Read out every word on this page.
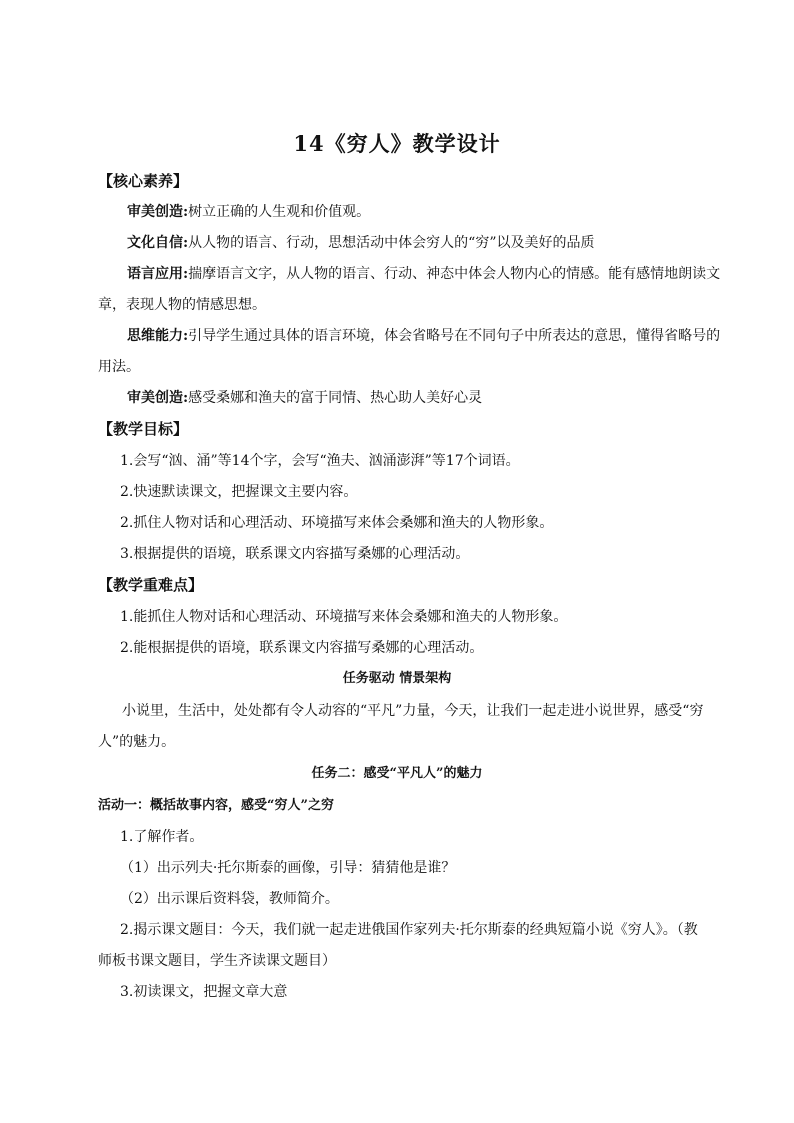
14《穷人》教学设计
【核心素养】
审美创造:树立正确的人生观和价值观。
文化自信:从人物的语言、行动，思想活动中体会穷人的“穷”以及美好的品质
语言应用:揣摩语言文字，从人物的语言、行动、神态中体会人物内心的情感。能有感情地朗读文
章，表现人物的情感思想。
思维能力:引导学生通过具体的语言环境，体会省略号在不同句子中所表达的意思，懂得省略号的
用法。
审美创造:感受桑娜和渔夫的富于同情、热心助人美好心灵
【教学目标】
1.会写“汹、涌”等14个字，会写“渔夫、汹涌澎湃”等17个词语。
2.快速默读课文，把握课文主要内容。
2.抓住人物对话和心理活动、环境描写来体会桑娜和渔夫的人物形象。
3.根据提供的语境，联系课文内容描写桑娜的心理活动。
【教学重难点】
1.能抓住人物对话和心理活动、环境描写来体会桑娜和渔夫的人物形象。
2.能根据提供的语境，联系课文内容描写桑娜的心理活动。
任务驱动 情景架构
小说里，生活中，处处都有令人动容的“平凡”力量，今天，让我们一起走进小说世界，感受“穷
人”的魅力。
任务二：感受“平凡人”的魅力
活动一：概括故事内容，感受“穷人”之穷
1.了解作者。
（1）出示列夫·托尔斯泰的画像，引导：猜猜他是谁？
（2）出示课后资料袋，教师简介。
2.揭示课文题目：今天，我们就一起走进俄国作家列夫·托尔斯泰的经典短篇小说《穷人》。（教
师板书课文题目，学生齐读课文题目）
3.初读课文，把握文章大意
